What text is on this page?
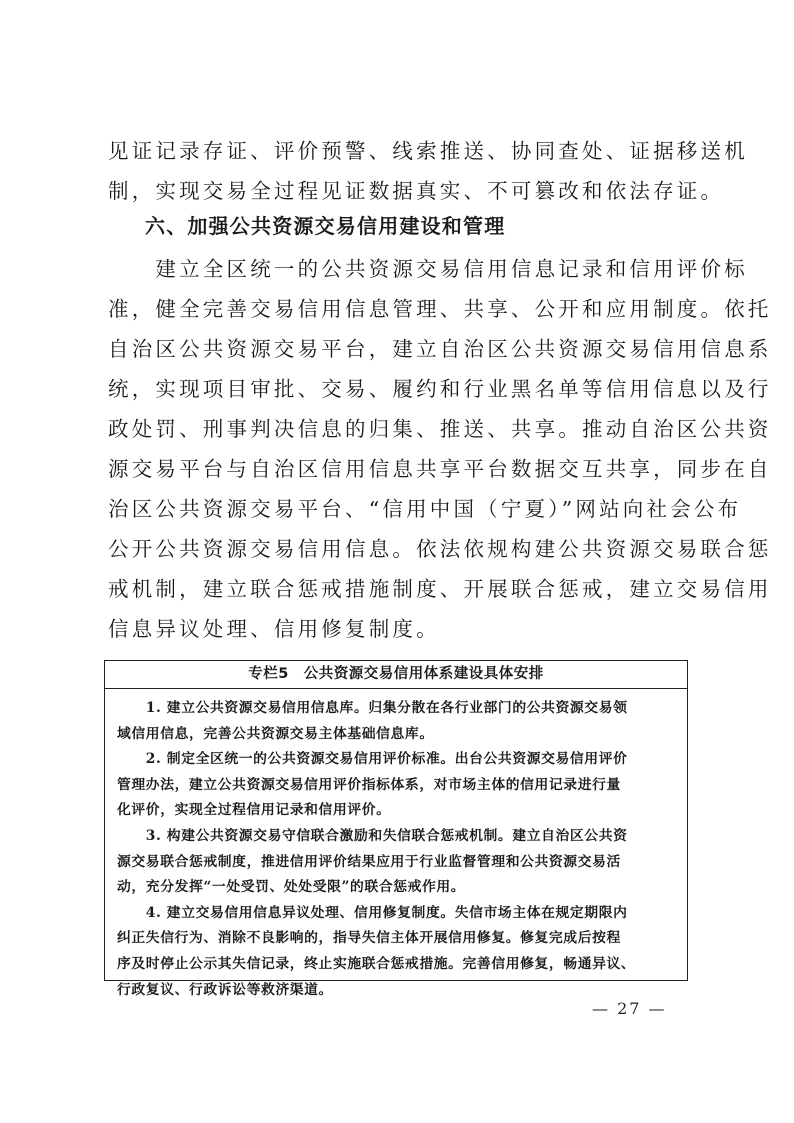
见证记录存证、评价预警、线索推送、协同查处、证据移送机
制，实现交易全过程见证数据真实、不可篡改和依法存证。
六、加强公共资源交易信用建设和管理
　　建立全区统一的公共资源交易信用信息记录和信用评价标
准，健全完善交易信用信息管理、共享、公开和应用制度。依托
自治区公共资源交易平台，建立自治区公共资源交易信用信息系
统，实现项目审批、交易、履约和行业黑名单等信用信息以及行
政处罚、刑事判决信息的归集、推送、共享。推动自治区公共资
源交易平台与自治区信用信息共享平台数据交互共享，同步在自
治区公共资源交易平台、“信用中国（宁夏）”网站向社会公布
公开公共资源交易信用信息。依法依规构建公共资源交易联合惩
戒机制，建立联合惩戒措施制度、开展联合惩戒，建立交易信用
信息异议处理、信用修复制度。
专栏5　公共资源交易信用体系建设具体安排
　　1. 建立公共资源交易信用信息库。归集分散在各行业部门的公共资源交易领
域信用信息，完善公共资源交易主体基础信息库。
　　2. 制定全区统一的公共资源交易信用评价标准。出台公共资源交易信用评价
管理办法，建立公共资源交易信用评价指标体系，对市场主体的信用记录进行量
化评价，实现全过程信用记录和信用评价。
　　3. 构建公共资源交易守信联合激励和失信联合惩戒机制。建立自治区公共资
源交易联合惩戒制度，推进信用评价结果应用于行业监督管理和公共资源交易活
动，充分发挥“一处受罚、处处受限”的联合惩戒作用。
　　4. 建立交易信用信息异议处理、信用修复制度。失信市场主体在规定期限内
纠正失信行为、消除不良影响的，指导失信主体开展信用修复。修复完成后按程
序及时停止公示其失信记录，终止实施联合惩戒措施。完善信用修复，畅通异议、
行政复议、行政诉讼等救济渠道。
— 27 —
